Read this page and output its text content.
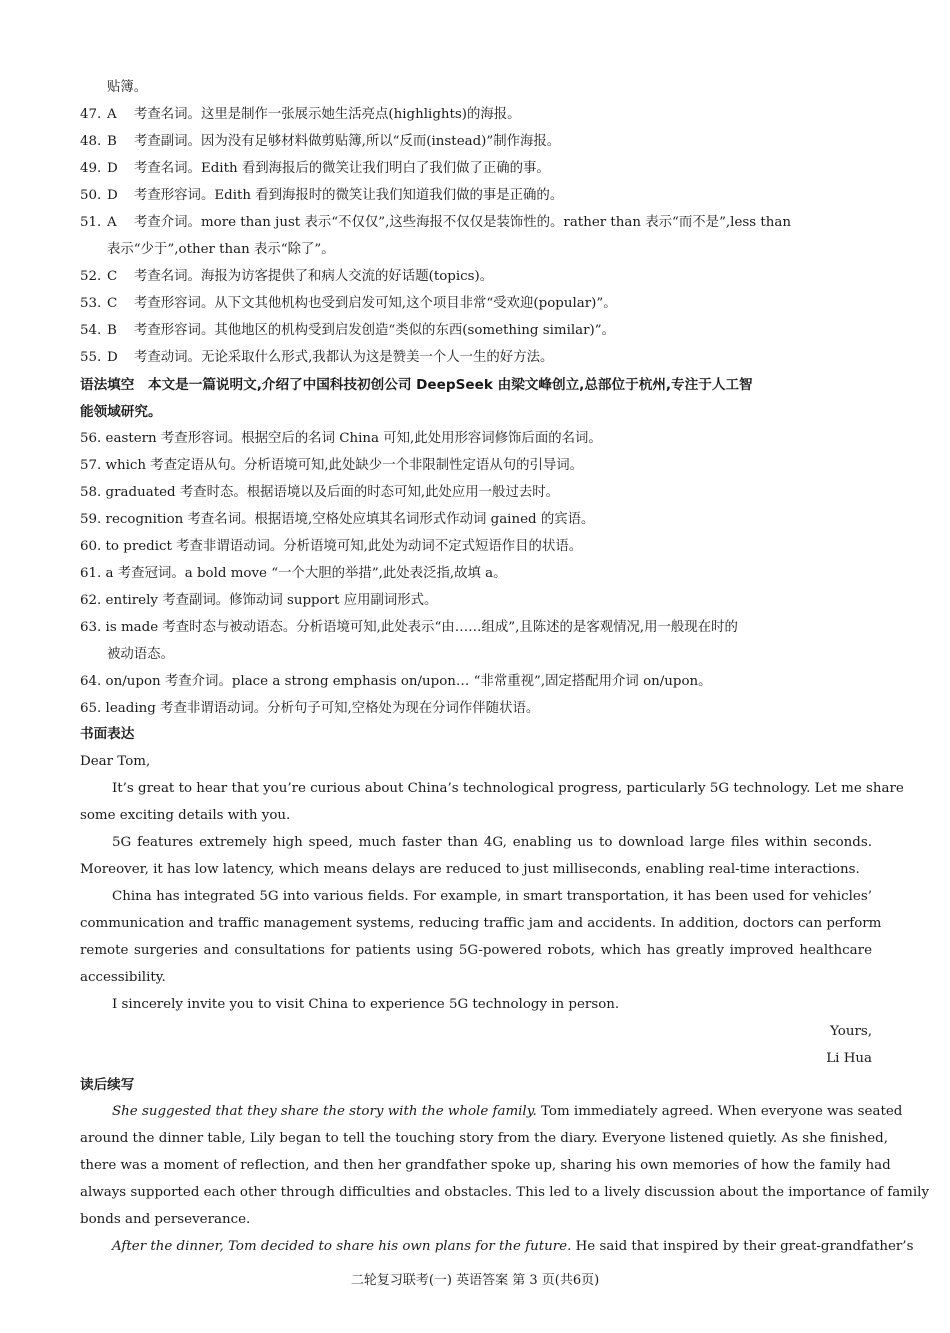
贴簿。
47. A 考查名词。这里是制作一张展示她生活亮点(highlights)的海报。
48. B 考查副词。因为没有足够材料做剪贴簿,所以“反而(instead)”制作海报。
49. D 考查名词。Edith 看到海报后的微笑让我们明白了我们做了正确的事。
50. D 考查形容词。Edith 看到海报时的微笑让我们知道我们做的事是正确的。
51. A 考查介词。more than just 表示“不仅仅”,这些海报不仅仅是装饰性的。rather than 表示“而不是”,less than
表示“少于”,other than 表示“除了”。
52. C 考查名词。海报为访客提供了和病人交流的好话题(topics)。
53. C 考查形容词。从下文其他机构也受到启发可知,这个项目非常“受欢迎(popular)”。
54. B 考查形容词。其他地区的机构受到启发创造“类似的东西(something similar)”。
55. D 考查动词。无论采取什么形式,我都认为这是赞美一个人一生的好方法。
语法填空　本文是一篇说明文,介绍了中国科技初创公司 DeepSeek 由梁文峰创立,总部位于杭州,专注于人工智
能领域研究。
56. eastern 考查形容词。根据空后的名词 China 可知,此处用形容词修饰后面的名词。
57. which 考查定语从句。分析语境可知,此处缺少一个非限制性定语从句的引导词。
58. graduated 考查时态。根据语境以及后面的时态可知,此处应用一般过去时。
59. recognition 考查名词。根据语境,空格处应填其名词形式作动词 gained 的宾语。
60. to predict 考查非谓语动词。分析语境可知,此处为动词不定式短语作目的状语。
61. a 考查冠词。a bold move “一个大胆的举措”,此处表泛指,故填 a。
62. entirely 考查副词。修饰动词 support 应用副词形式。
63. is made 考查时态与被动语态。分析语境可知,此处表示“由……组成”,且陈述的是客观情况,用一般现在时的
被动语态。
64. on/upon 考查介词。place a strong emphasis on/upon… “非常重视”,固定搭配用介词 on/upon。
65. leading 考查非谓语动词。分析句子可知,空格处为现在分词作伴随状语。
书面表达
Dear Tom,
It’s great to hear that you’re curious about China’s technological progress, particularly 5G technology. Let me share
some exciting details with you.
5G features extremely high speed, much faster than 4G, enabling us to download large files within seconds.
Moreover, it has low latency, which means delays are reduced to just milliseconds, enabling real-time interactions.
China has integrated 5G into various fields. For example, in smart transportation, it has been used for vehicles’
communication and traffic management systems, reducing traffic jam and accidents. In addition, doctors can perform
remote surgeries and consultations for patients using 5G-powered robots, which has greatly improved healthcare
accessibility.
I sincerely invite you to visit China to experience 5G technology in person.
Yours,
Li Hua
读后续写
She suggested that they share the story with the whole family. Tom immediately agreed. When everyone was seated
around the dinner table, Lily began to tell the touching story from the diary. Everyone listened quietly. As she finished,
there was a moment of reflection, and then her grandfather spoke up, sharing his own memories of how the family had
always supported each other through difficulties and obstacles. This led to a lively discussion about the importance of family
bonds and perseverance.
After the dinner, Tom decided to share his own plans for the future. He said that inspired by their great-grandfather’s
二轮复习联考(一) 英语答案 第 3 页(共6页)
